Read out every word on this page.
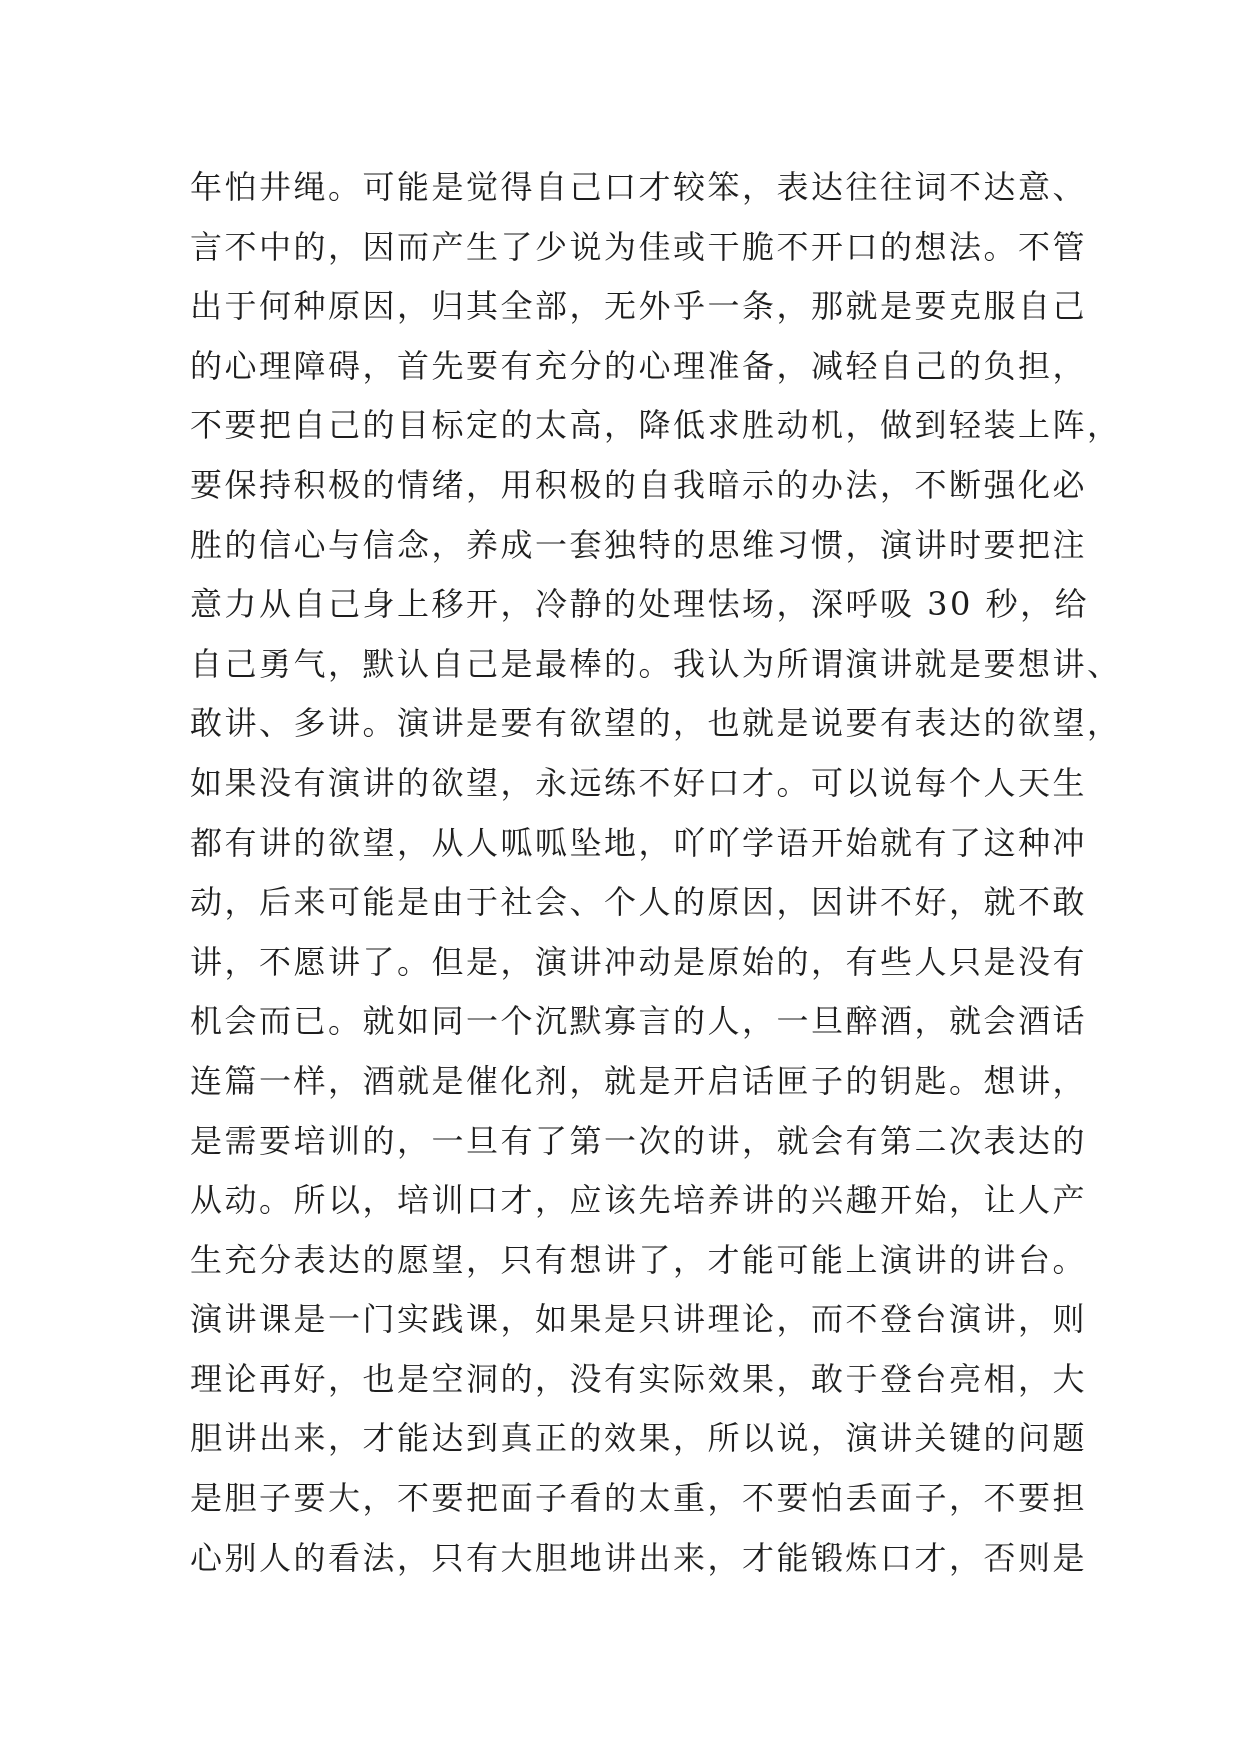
年怕井绳。可能是觉得自己口才较笨，表达往往词不达意、
言不中的，因而产生了少说为佳或干脆不开口的想法。不管
出于何种原因，归其全部，无外乎一条，那就是要克服自己
的心理障碍，首先要有充分的心理准备，减轻自己的负担，
不要把自己的目标定的太高，降低求胜动机，做到轻装上阵，
要保持积极的情绪，用积极的自我暗示的办法，不断强化必
胜的信心与信念，养成一套独特的思维习惯，演讲时要把注
意力从自己身上移开，冷静的处理怯场，深呼吸 30 秒，给
自己勇气，默认自己是最棒的。我认为所谓演讲就是要想讲、
敢讲、多讲。演讲是要有欲望的，也就是说要有表达的欲望，
如果没有演讲的欲望，永远练不好口才。可以说每个人天生
都有讲的欲望，从人呱呱坠地，吖吖学语开始就有了这种冲
动，后来可能是由于社会、个人的原因，因讲不好，就不敢
讲，不愿讲了。但是，演讲冲动是原始的，有些人只是没有
机会而已。就如同一个沉默寡言的人，一旦醉酒，就会酒话
连篇一样，酒就是催化剂，就是开启话匣子的钥匙。想讲，
是需要培训的，一旦有了第一次的讲，就会有第二次表达的
从动。所以，培训口才，应该先培养讲的兴趣开始，让人产
生充分表达的愿望，只有想讲了，才能可能上演讲的讲台。
演讲课是一门实践课，如果是只讲理论，而不登台演讲，则
理论再好，也是空洞的，没有实际效果，敢于登台亮相，大
胆讲出来，才能达到真正的效果，所以说，演讲关键的问题
是胆子要大，不要把面子看的太重，不要怕丢面子，不要担
心别人的看法，只有大胆地讲出来，才能锻炼口才，否则是
